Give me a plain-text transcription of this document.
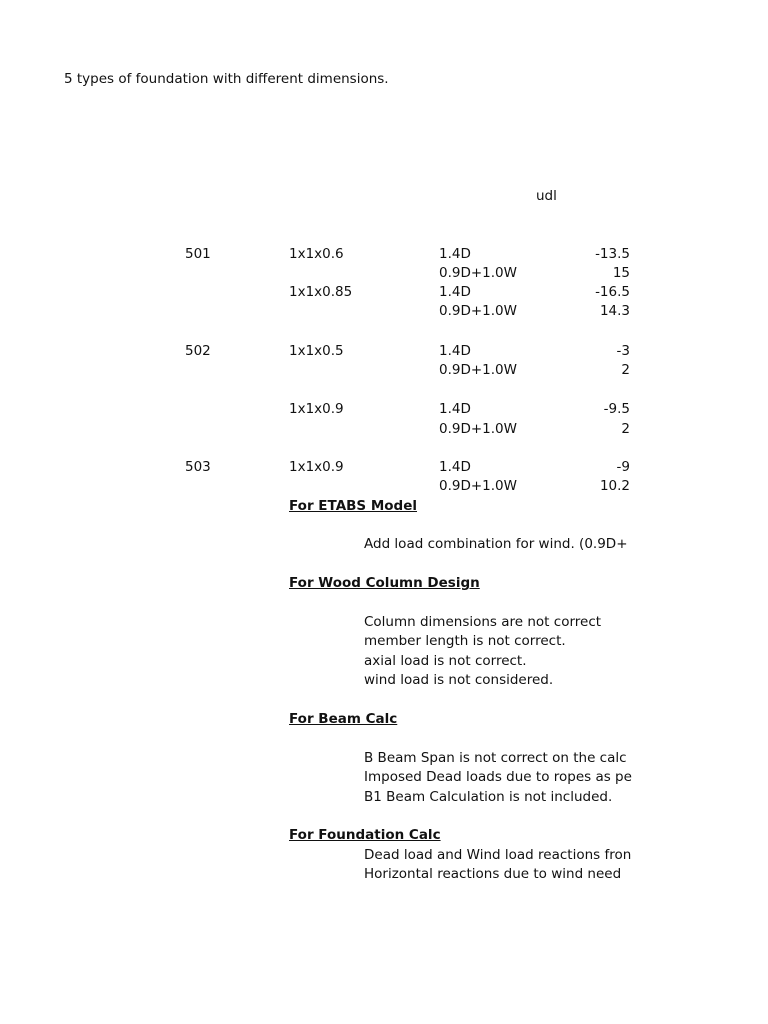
5 types of foundation with different dimensions.
udl
501	1x1x0.6	1.4D	-13.5
0.9D+1.0W	15
1x1x0.85	1.4D	-16.5
0.9D+1.0W	14.3
502	1x1x0.5	1.4D	-3
0.9D+1.0W	2
1x1x0.9	1.4D	-9.5
0.9D+1.0W	2
503	1x1x0.9	1.4D	-9
0.9D+1.0W	10.2
For ETABS Model
Add load combination for wind. (0.9D+
For Wood Column Design
Column dimensions are not correct
member length is not correct.
axial load is not correct.
wind load is not considered.
For Beam Calc
B Beam Span is not correct on the calc
Imposed Dead loads due to ropes as pe
B1 Beam Calculation is not included.
For Foundation Calc
Dead load and Wind load reactions fron
Horizontal reactions due to wind need
